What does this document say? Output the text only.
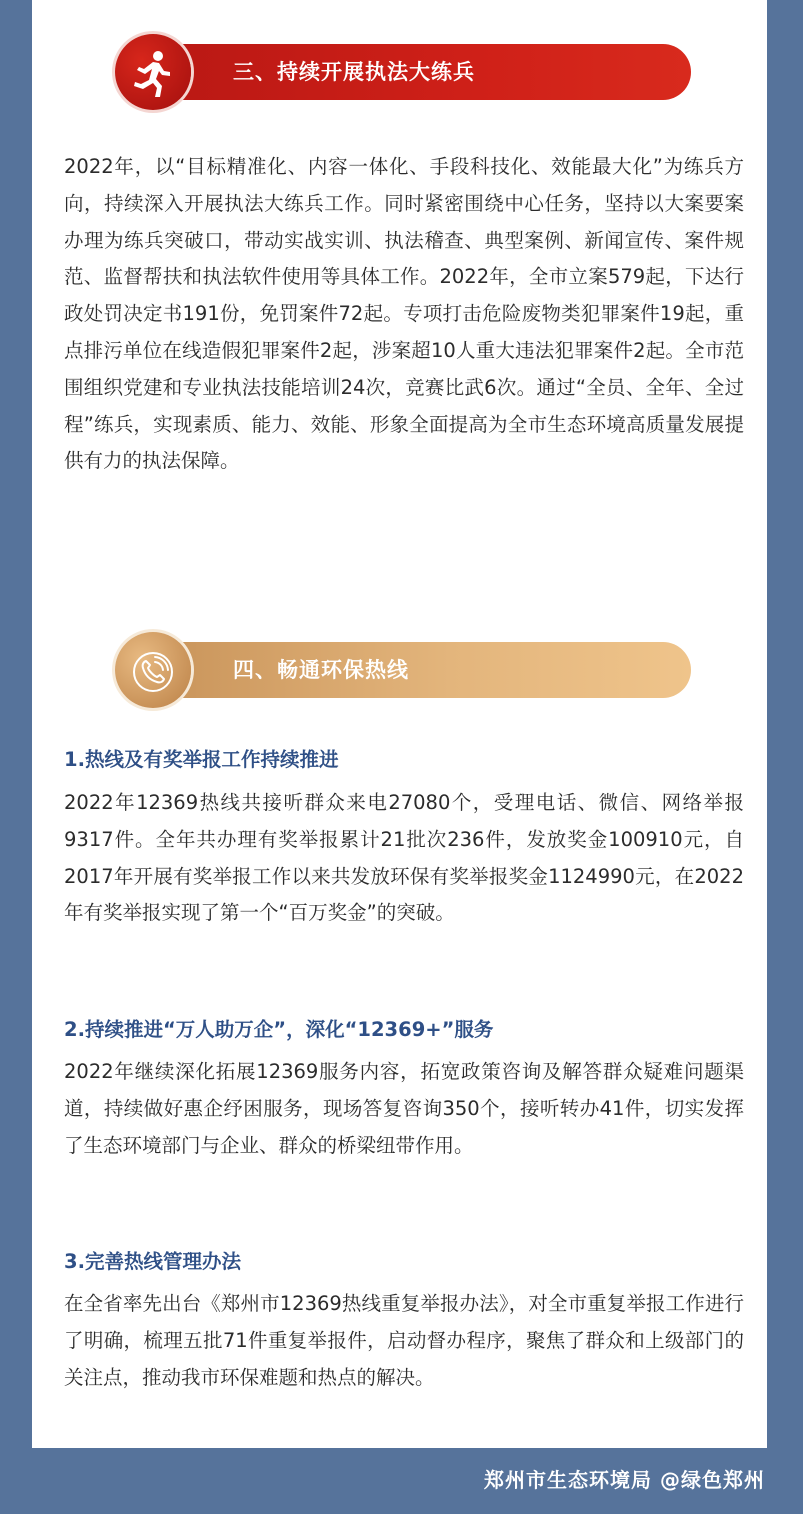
三、持续开展执法大练兵

2022年，以“目标精准化、内容一体化、手段科技化、效能最大化”为练兵方向，持续深入开展执法大练兵工作。同时紧密围绕中心任务，坚持以大案要案办理为练兵突破口，带动实战实训、执法稽查、典型案例、新闻宣传、案件规范、监督帮扶和执法软件使用等具体工作。2022年，全市立案579起，下达行政处罚决定书191份，免罚案件72起。专项打击危险废物类犯罪案件19起，重点排污单位在线造假犯罪案件2起，涉案超10人重大违法犯罪案件2起。全市范围组织党建和专业执法技能培训24次，竞赛比武6次。通过“全员、全年、全过程”练兵，实现素质、能力、效能、形象全面提高为全市生态环境高质量发展提供有力的执法保障。

四、畅通环保热线
1.热线及有奖举报工作持续推进

2022年12369热线共接听群众来电27080个，受理电话、微信、网络举报9317件。全年共办理有奖举报累计21批次236件，发放奖金100910元，自2017年开展有奖举报工作以来共发放环保有奖举报奖金1124990元，在2022年有奖举报实现了第一个“百万奖金”的突破。

2.持续推进“万人助万企”，深化“12369+”服务

2022年继续深化拓展12369服务内容，拓宽政策咨询及解答群众疑难问题渠道，持续做好惠企纾困服务，现场答复咨询350个，接听转办41件，切实发挥了生态环境部门与企业、群众的桥梁纽带作用。

3.完善热线管理办法

在全省率先出台《郑州市12369热线重复举报办法》，对全市重复举报工作进行了明确，梳理五批71件重复举报件，启动督办程序，聚焦了群众和上级部门的关注点，推动我市环保难题和热点的解决。

郑州市生态环境局 @绿色郑州
